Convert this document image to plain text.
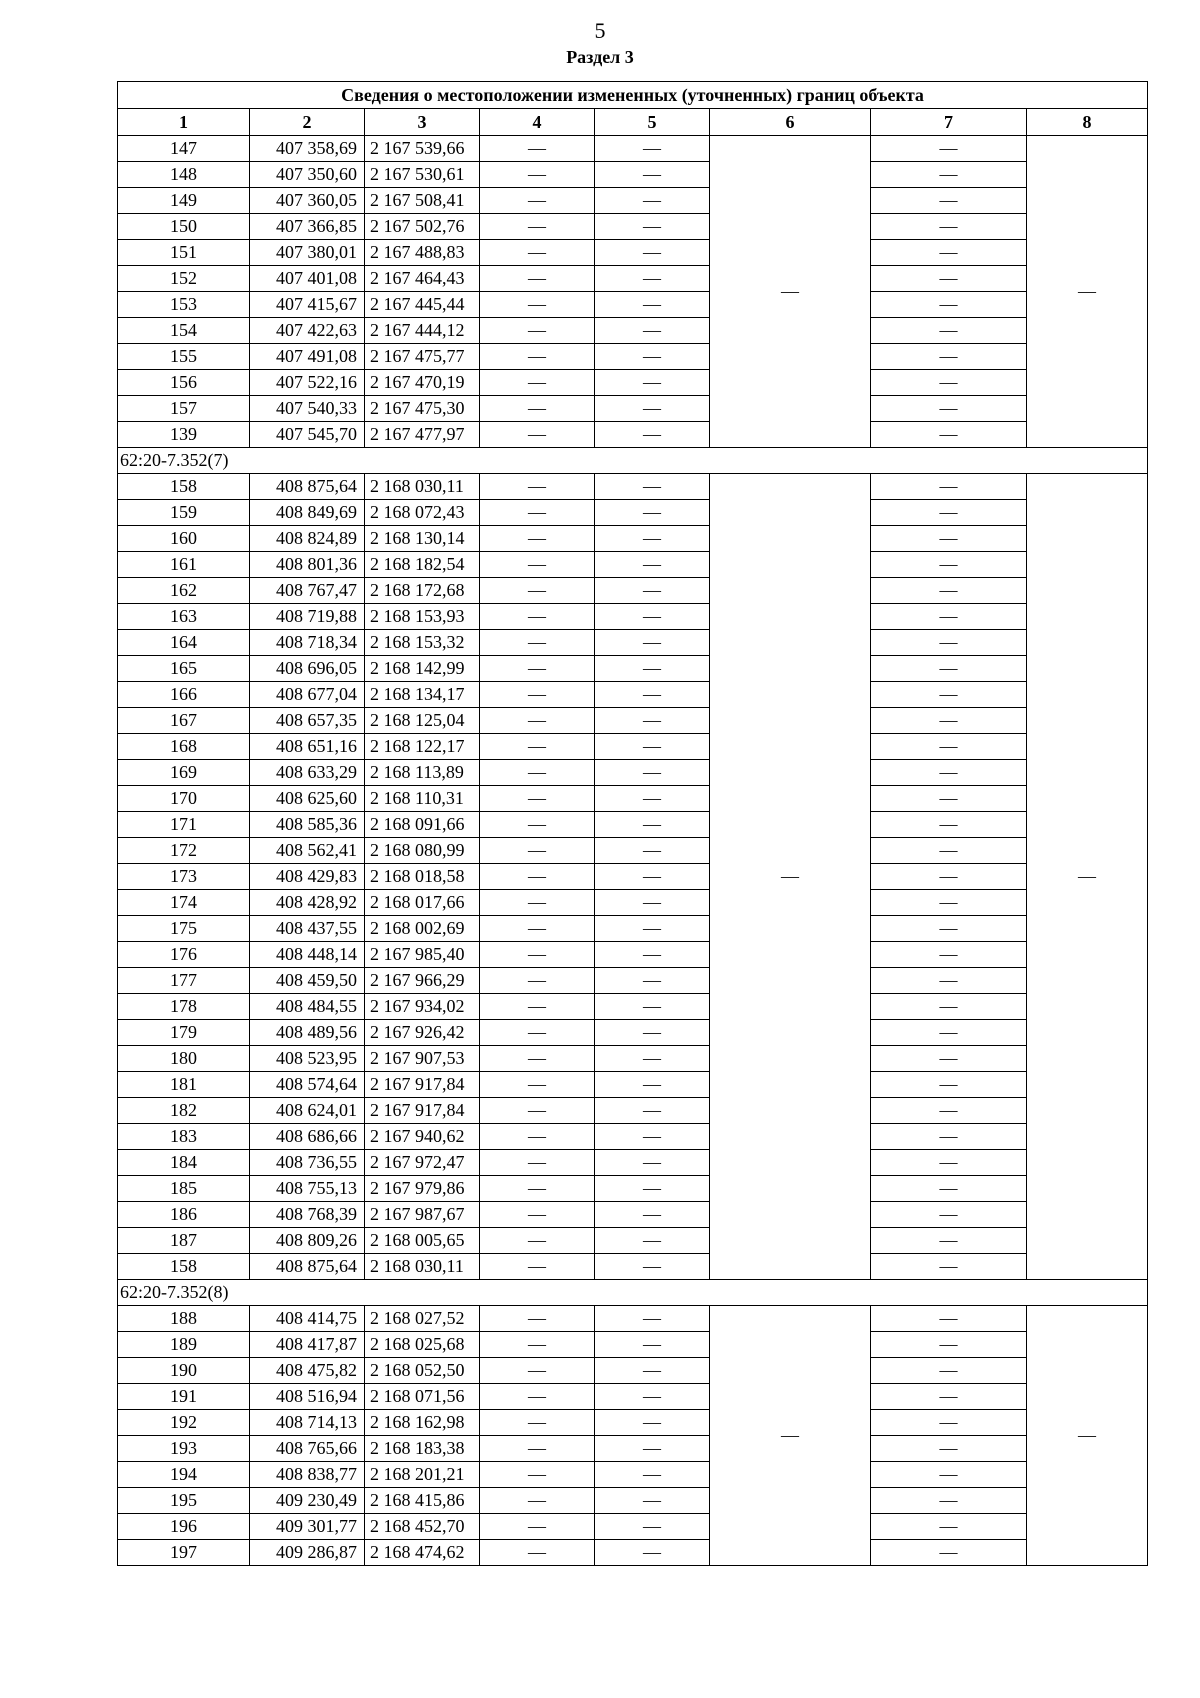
5
Раздел 3
Сведения о местоположении измененных (уточненных) границ объекта							
1	2	3	4	5	6	7	8
147	407 358,69	2 167 539,66	—	—	—	—	—
148	407 350,60	2 167 530,61	—	—		—	
149	407 360,05	2 167 508,41	—	—		—	
150	407 366,85	2 167 502,76	—	—		—	
151	407 380,01	2 167 488,83	—	—		—	
152	407 401,08	2 167 464,43	—	—		—	
153	407 415,67	2 167 445,44	—	—		—	
154	407 422,63	2 167 444,12	—	—		—	
155	407 491,08	2 167 475,77	—	—		—	
156	407 522,16	2 167 470,19	—	—		—	
157	407 540,33	2 167 475,30	—	—		—	
139	407 545,70	2 167 477,97	—	—		—	
62:20-7.352(7)							
158	408 875,64	2 168 030,11	—	—	—	—	—
159	408 849,69	2 168 072,43	—	—		—	
160	408 824,89	2 168 130,14	—	—		—	
161	408 801,36	2 168 182,54	—	—		—	
162	408 767,47	2 168 172,68	—	—		—	
163	408 719,88	2 168 153,93	—	—		—	
164	408 718,34	2 168 153,32	—	—		—	
165	408 696,05	2 168 142,99	—	—		—	
166	408 677,04	2 168 134,17	—	—		—	
167	408 657,35	2 168 125,04	—	—		—	
168	408 651,16	2 168 122,17	—	—		—	
169	408 633,29	2 168 113,89	—	—		—	
170	408 625,60	2 168 110,31	—	—		—	
171	408 585,36	2 168 091,66	—	—		—	
172	408 562,41	2 168 080,99	—	—		—	
173	408 429,83	2 168 018,58	—	—		—	
174	408 428,92	2 168 017,66	—	—		—	
175	408 437,55	2 168 002,69	—	—		—	
176	408 448,14	2 167 985,40	—	—		—	
177	408 459,50	2 167 966,29	—	—		—	
178	408 484,55	2 167 934,02	—	—		—	
179	408 489,56	2 167 926,42	—	—		—	
180	408 523,95	2 167 907,53	—	—		—	
181	408 574,64	2 167 917,84	—	—		—	
182	408 624,01	2 167 917,84	—	—		—	
183	408 686,66	2 167 940,62	—	—		—	
184	408 736,55	2 167 972,47	—	—		—	
185	408 755,13	2 167 979,86	—	—		—	
186	408 768,39	2 167 987,67	—	—		—	
187	408 809,26	2 168 005,65	—	—		—	
158	408 875,64	2 168 030,11	—	—		—	
62:20-7.352(8)							
188	408 414,75	2 168 027,52	—	—	—	—	—
189	408 417,87	2 168 025,68	—	—		—	
190	408 475,82	2 168 052,50	—	—		—	
191	408 516,94	2 168 071,56	—	—		—	
192	408 714,13	2 168 162,98	—	—		—	
193	408 765,66	2 168 183,38	—	—		—	
194	408 838,77	2 168 201,21	—	—		—	
195	409 230,49	2 168 415,86	—	—		—	
196	409 301,77	2 168 452,70	—	—		—	
197	409 286,87	2 168 474,62	—	—		—	
